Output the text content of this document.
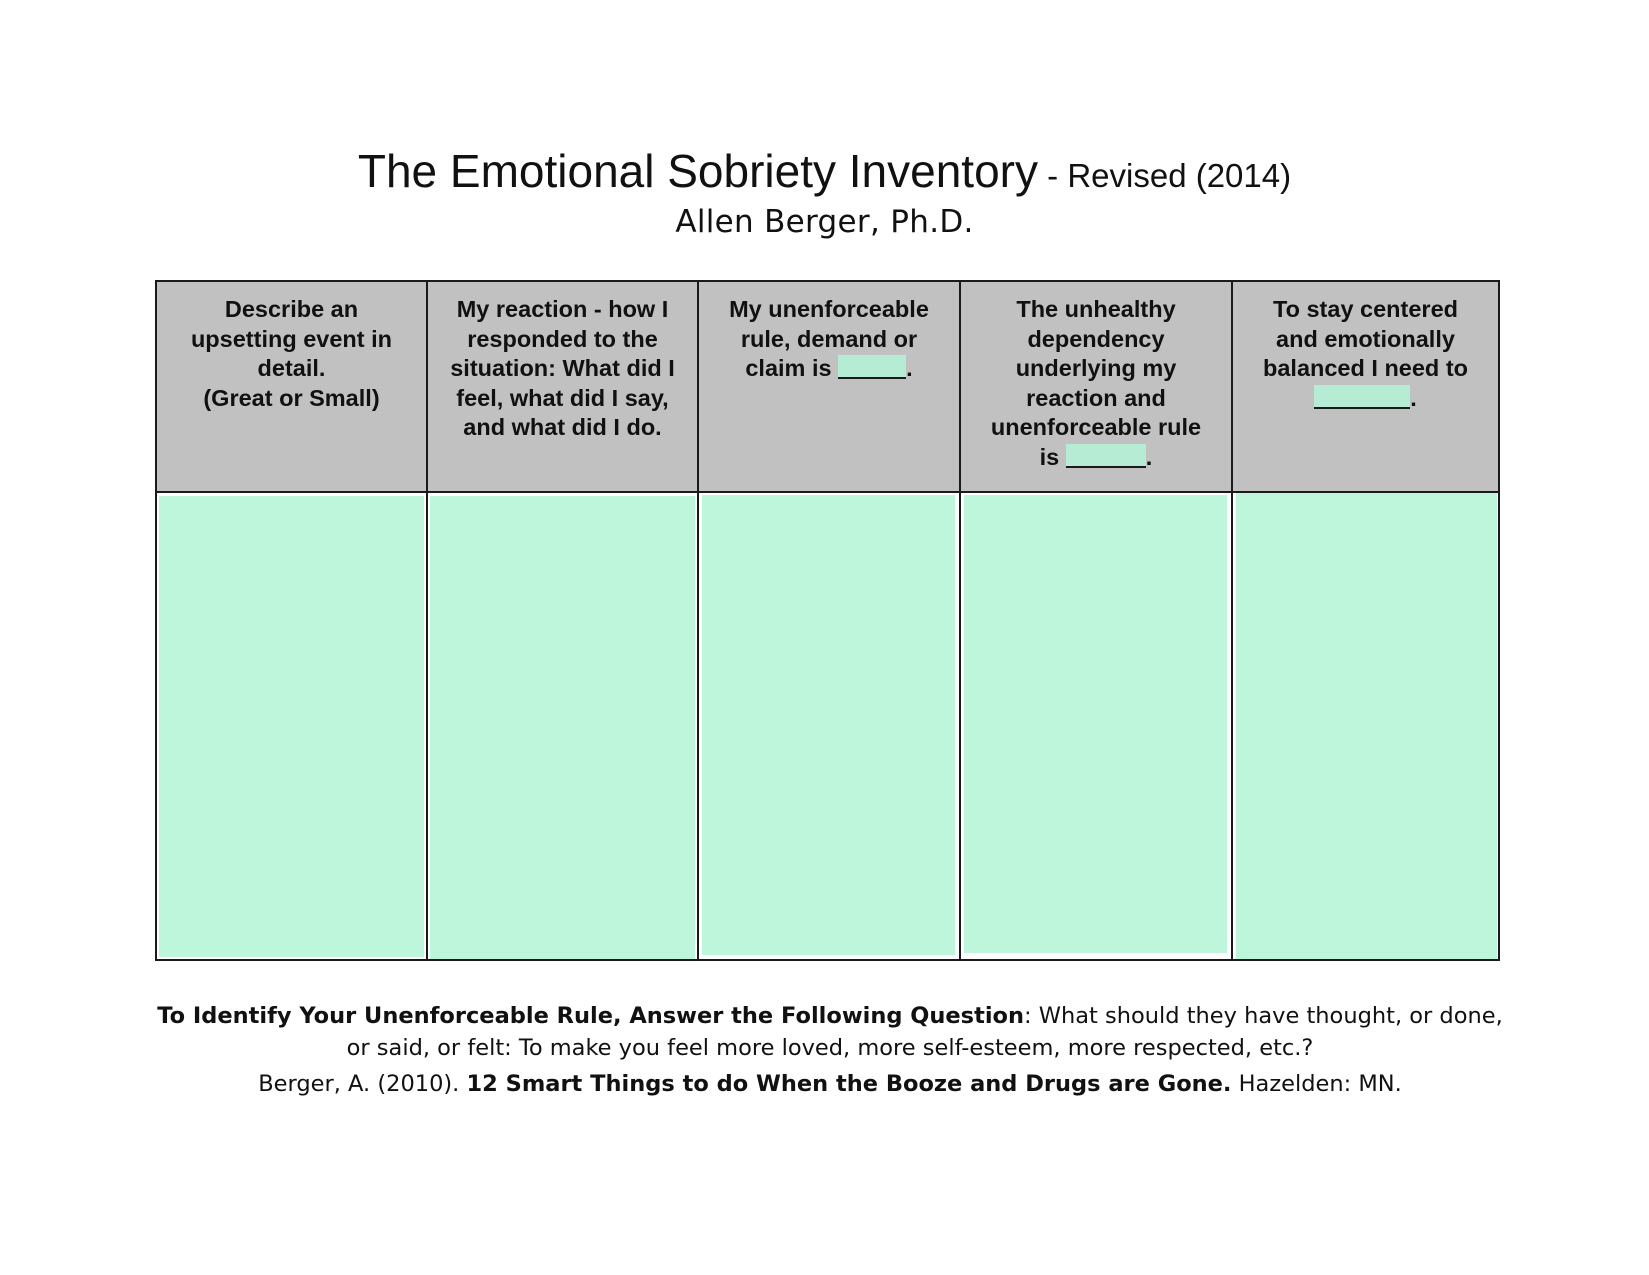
The Emotional Sobriety Inventory - Revised (2014)
Allen Berger, Ph.D.
Describe an
upsetting event in
detail.
(Great or Small)
My reaction - how I
responded to the
situation: What did I
feel, what did I say,
and what did I do.
My unenforceable
rule, demand or
claim is	.
The unhealthy
dependency
underlying my
reaction and
unenforceable rule
is	.
To stay centered
and emotionally
balanced I need to
.
To Identify Your Unenforceable Rule, Answer the Following Question: What should they have thought, or done, or said, or felt: To make you feel more loved, more self-esteem, more respected, etc.?
Berger, A. (2010). 12 Smart Things to do When the Booze and Drugs are Gone. Hazelden: MN.
